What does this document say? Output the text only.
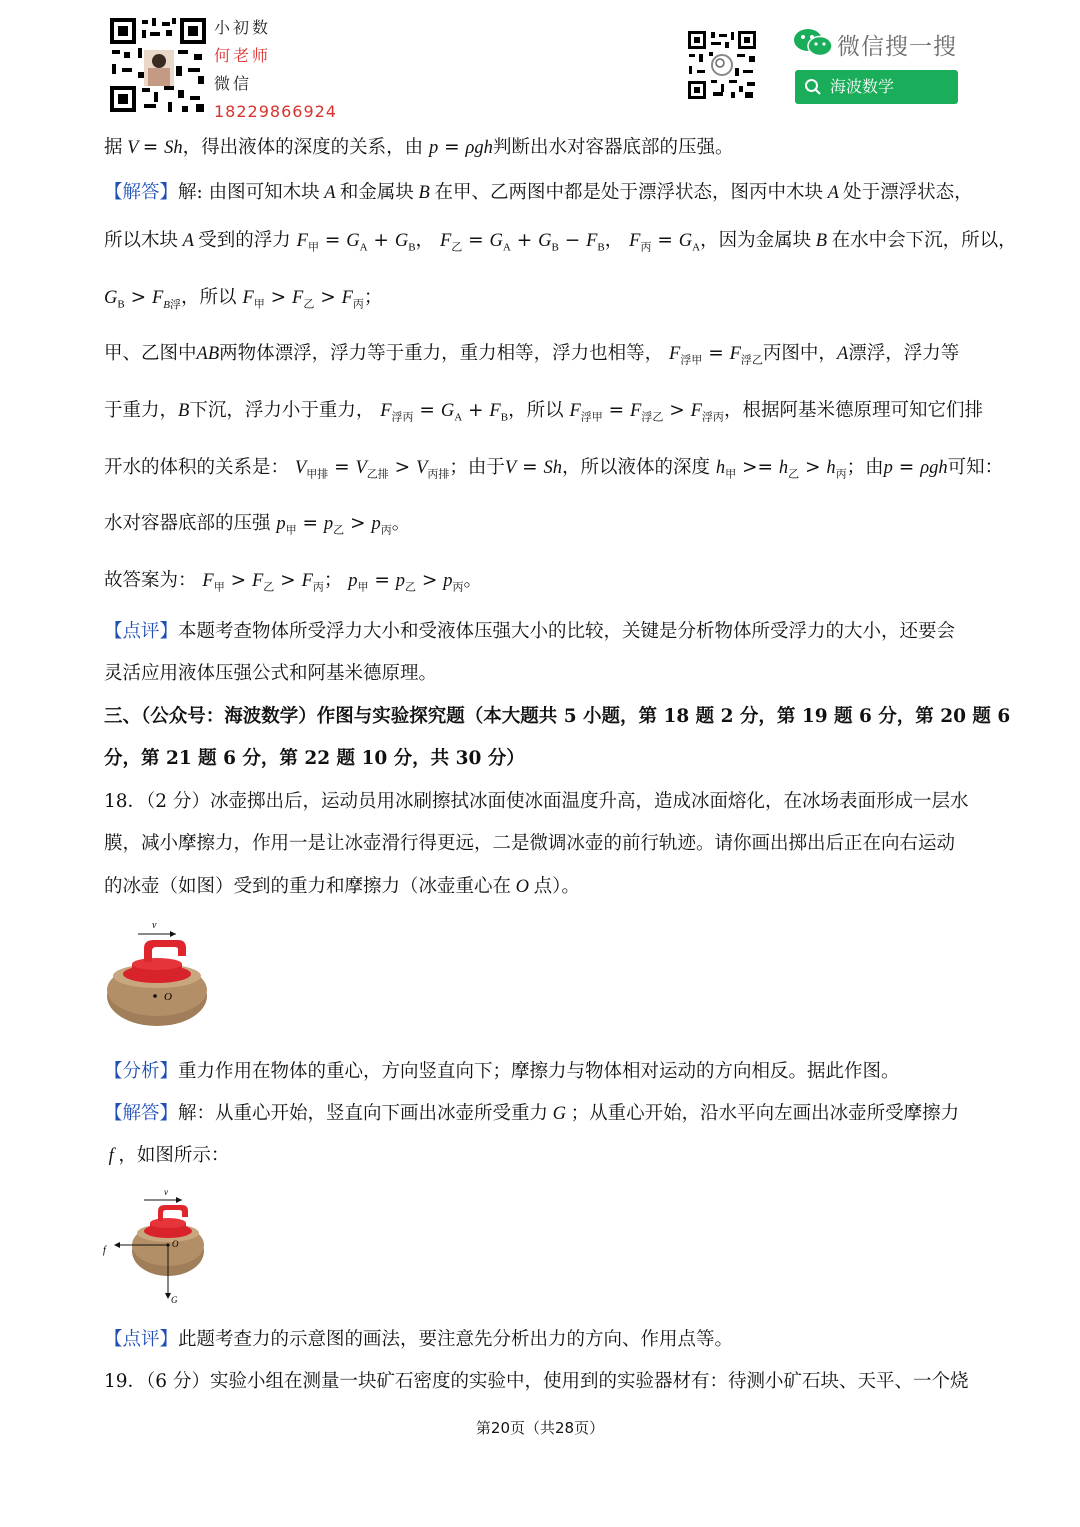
小初数
何老师
微信
18229866924
微信搜一搜
海波数学
据 V = Sh，得出液体的深度的关系，由 p = ρgh判断出水对容器底部的压强。
【解答】解: 由图可知木块 A 和金属块 B 在甲、乙两图中都是处于漂浮状态，图丙中木块 A 处于漂浮状态，
所以木块 A 受到的浮力 $F_甲 = G_A + G_B$， $F_乙 = G_A + G_B - F_B$， $F_丙 = G_A$，因为金属块 B 在水中会下沉，所以，
$G_B > F_{B浮}$，所以 $F_甲 > F_乙 > F_丙$；
甲、乙图中AB两物体漂浮，浮力等于重力，重力相等，浮力也相等， $F_{浮甲} = F_{浮乙}$丙图中，A漂浮，浮力等
于重力，B下沉，浮力小于重力， $F_{浮丙} = G_A + F_B$，所以 $F_{浮甲} = F_{浮乙} > F_{浮丙}$，根据阿基米德原理可知它们排
开水的体积的关系是： $V_{甲排} = V_{乙排} > V_{丙排}$；由于V = Sh，所以液体的深度 $h_甲 >= h_乙 > h_丙$；由p = ρgh可知：
水对容器底部的压强 $p_甲 = p_乙 > p_丙$。
故答案为： $F_甲 > F_乙 > F_丙$； $p_甲 = p_乙 > p_丙$。
【点评】本题考查物体所受浮力大小和受液体压强大小的比较，关键是分析物体所受浮力的大小，还要会
灵活应用液体压强公式和阿基米德原理。
三、（公众号：海波数学）作图与实验探究题（本大题共 5 小题，第 18 题 2 分，第 19 题 6 分，第 20 题 6
分，第 21 题 6 分，第 22 题 10 分，共 30 分）
18．（2 分）冰壶掷出后，运动员用冰刷擦拭冰面使冰面温度升高，造成冰面熔化，在冰场表面形成一层水
膜，减小摩擦力，作用一是让冰壶滑行得更远，二是微调冰壶的前行轨迹。请你画出掷出后正在向右运动
的冰壶（如图）受到的重力和摩擦力（冰壶重心在 O 点）。
v
O
【分析】重力作用在物体的重心，方向竖直向下；摩擦力与物体相对运动的方向相反。据此作图。
【解答】解：从重心开始，竖直向下画出冰壶所受重力 G ；从重心开始，沿水平向左画出冰壶所受摩擦力
f ，如图所示：
v
O
f
G
【点评】此题考查力的示意图的画法，要注意先分析出力的方向、作用点等。
19．（6 分）实验小组在测量一块矿石密度的实验中，使用到的实验器材有：待测小矿石块、天平、一个烧
第20页（共28页）
